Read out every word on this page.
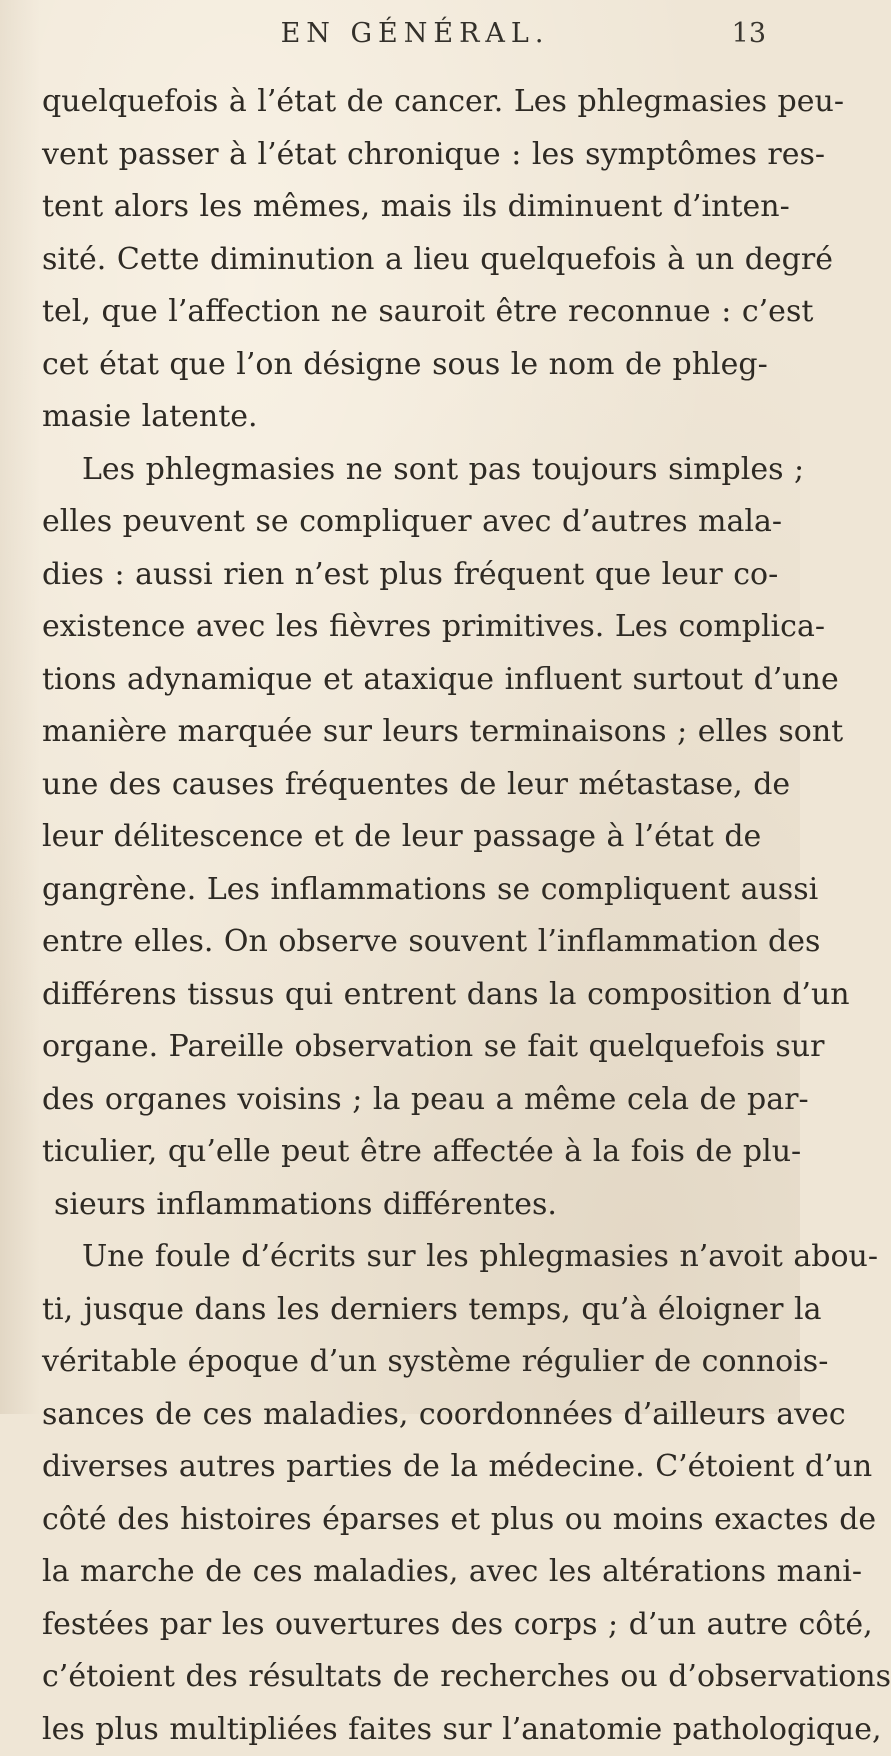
EN GÉNÉRAL.	13
quelquefois à l’état de cancer. Les phlegmasies peu-
vent passer à l’état chronique : les symptômes res-
tent alors les mêmes, mais ils diminuent d’inten-
sité. Cette diminution a lieu quelquefois à un degré
tel, que l’affection ne sauroit être reconnue : c’est
cet état que l’on désigne sous le nom de phleg-
masie latente.
Les phlegmasies ne sont pas toujours simples ;
elles peuvent se compliquer avec d’autres mala-
dies : aussi rien n’est plus fréquent que leur co-
existence avec les fièvres primitives. Les complica-
tions adynamique et ataxique influent surtout d’une
manière marquée sur leurs terminaisons ; elles sont
une des causes fréquentes de leur métastase, de
leur délitescence et de leur passage à l’état de
gangrène. Les inflammations se compliquent aussi
entre elles. On observe souvent l’inflammation des
différens tissus qui entrent dans la composition d’un
organe. Pareille observation se fait quelquefois sur
des organes voisins ; la peau a même cela de par-
ticulier, qu’elle peut être affectée à la fois de plu-
sieurs inflammations différentes.
Une foule d’écrits sur les phlegmasies n’avoit abou-
ti, jusque dans les derniers temps, qu’à éloigner la
véritable époque d’un système régulier de connois-
sances de ces maladies, coordonnées d’ailleurs avec
diverses autres parties de la médecine. C’étoient d’un
côté des histoires éparses et plus ou moins exactes de
la marche de ces maladies, avec les altérations mani-
festées par les ouvertures des corps ; d’un autre côté,
c’étoient des résultats de recherches ou d’observations
les plus multipliées faites sur l’anatomie pathologique,
